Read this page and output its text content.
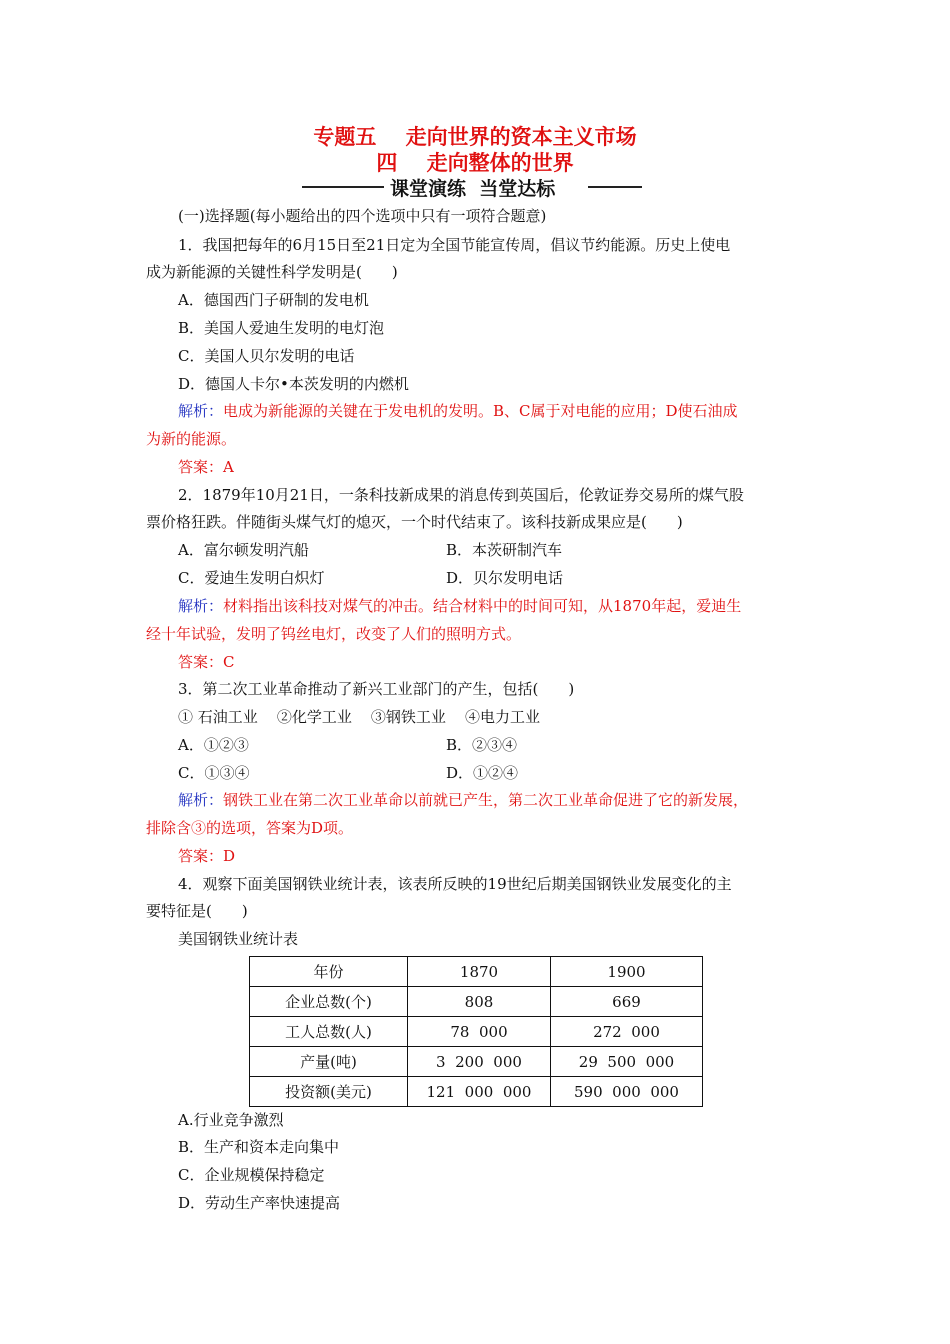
专题五    走向世界的资本主义市场
四    走向整体的世界
课堂演练  当堂达标
(一)选择题(每小题给出的四个选项中只有一项符合题意)
1．我国把每年的6月15日至21日定为全国节能宣传周，倡议节约能源。历史上使电
成为新能源的关键性科学发明是(　　)
A．德国西门子研制的发电机
B．美国人爱迪生发明的电灯泡
C．美国人贝尔发明的电话
D．德国人卡尔•本茨发明的内燃机
解析：电成为新能源的关键在于发电机的发明。B、C属于对电能的应用；D使石油成
为新的能源。
答案：A
2．1879年10月21日，一条科技新成果的消息传到英国后，伦敦证券交易所的煤气股
票价格狂跌。伴随街头煤气灯的熄灭，一个时代结束了。该科技新成果应是(　　)
A．富尔顿发明汽船	B．本茨研制汽车
C．爱迪生发明白炽灯	D．贝尔发明电话
解析：材料指出该科技对煤气的冲击。结合材料中的时间可知，从1870年起，爱迪生
经十年试验，发明了钨丝电灯，改变了人们的照明方式。
答案：C
3．第二次工业革命推动了新兴工业部门的产生，包括(　　)
① 石油工业    ②化学工业    ③钢铁工业    ④电力工业
A．①②③	B．②③④
C．①③④	D．①②④
解析：钢铁工业在第二次工业革命以前就已产生，第二次工业革命促进了它的新发展，
排除含③的选项，答案为D项。
答案：D
4．观察下面美国钢铁业统计表，该表所反映的19世纪后期美国钢铁业发展变化的主
要特征是(　　)
美国钢铁业统计表
年份	1870	1900
企业总数(个)	808	669
工人总数(人)	78  000	272  000
产量(吨)	3  200  000	29  500  000
投资额(美元)	121  000  000	590  000  000
A.行业竞争激烈
B．生产和资本走向集中
C．企业规模保持稳定
D．劳动生产率快速提高
